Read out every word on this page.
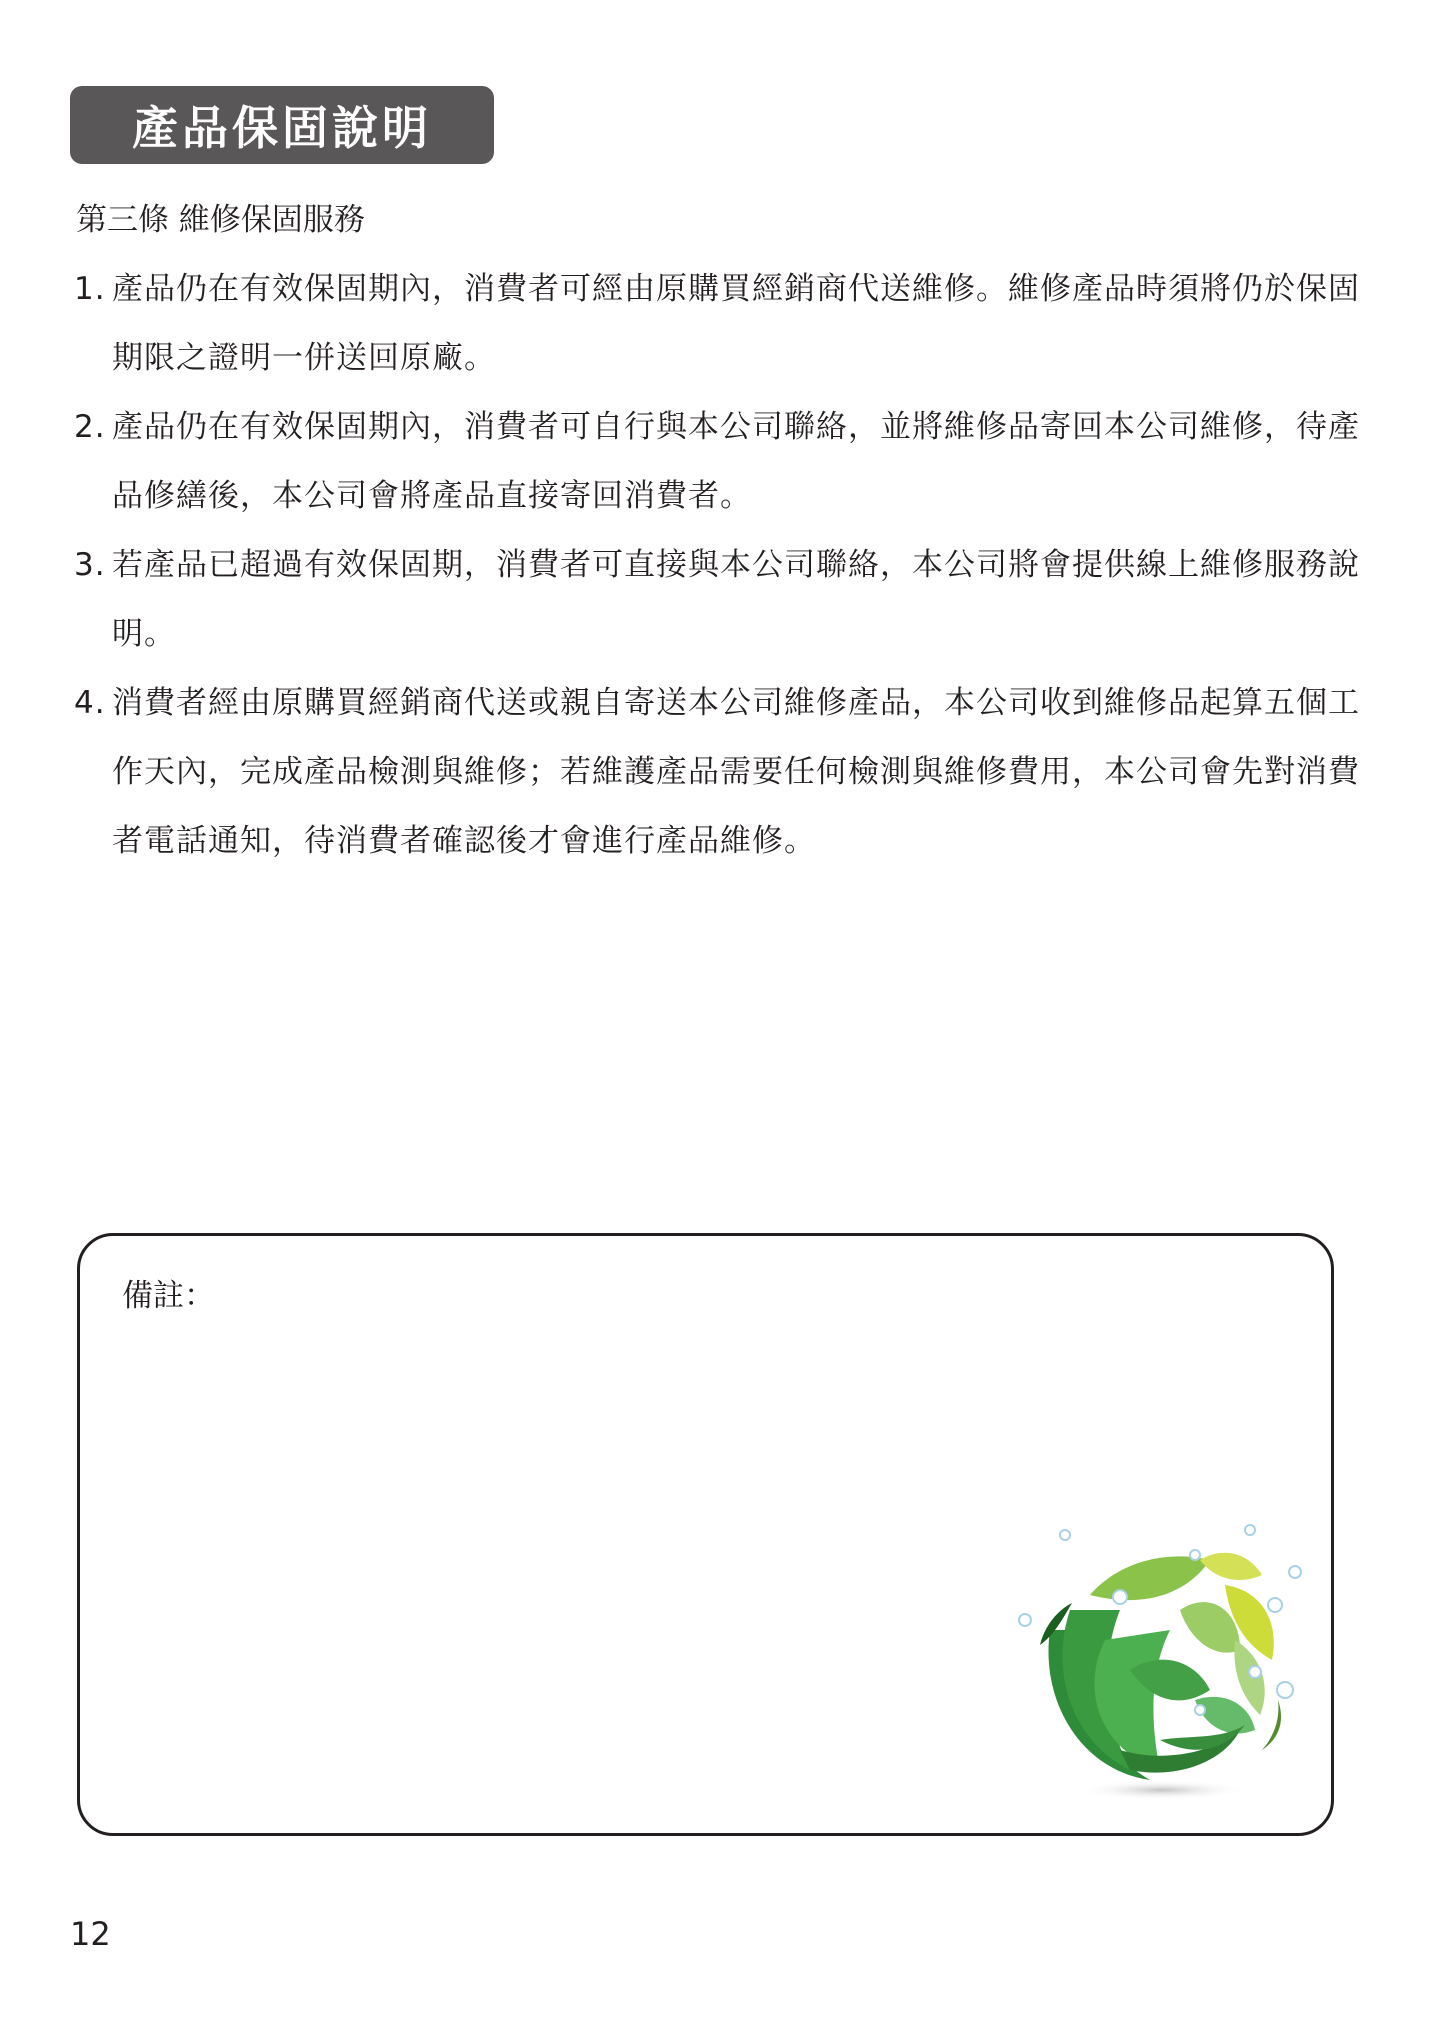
產品保固說明
第三條 維修保固服務
1. 產品仍在有效保固期內，消費者可經由原購買經銷商代送維修。維修產品時須將仍於保固期限之證明一併送回原廠。
2. 產品仍在有效保固期內，消費者可自行與本公司聯絡，並將維修品寄回本公司維修，待產品修繕後，本公司會將產品直接寄回消費者。
3. 若產品已超過有效保固期，消費者可直接與本公司聯絡，本公司將會提供線上維修服務說明。
4. 消費者經由原購買經銷商代送或親自寄送本公司維修產品，本公司收到維修品起算五個工作天內，完成產品檢測與維修；若維護產品需要任何檢測與維修費用，本公司會先對消費者電話通知，待消費者確認後才會進行產品維修。
備註：
12
